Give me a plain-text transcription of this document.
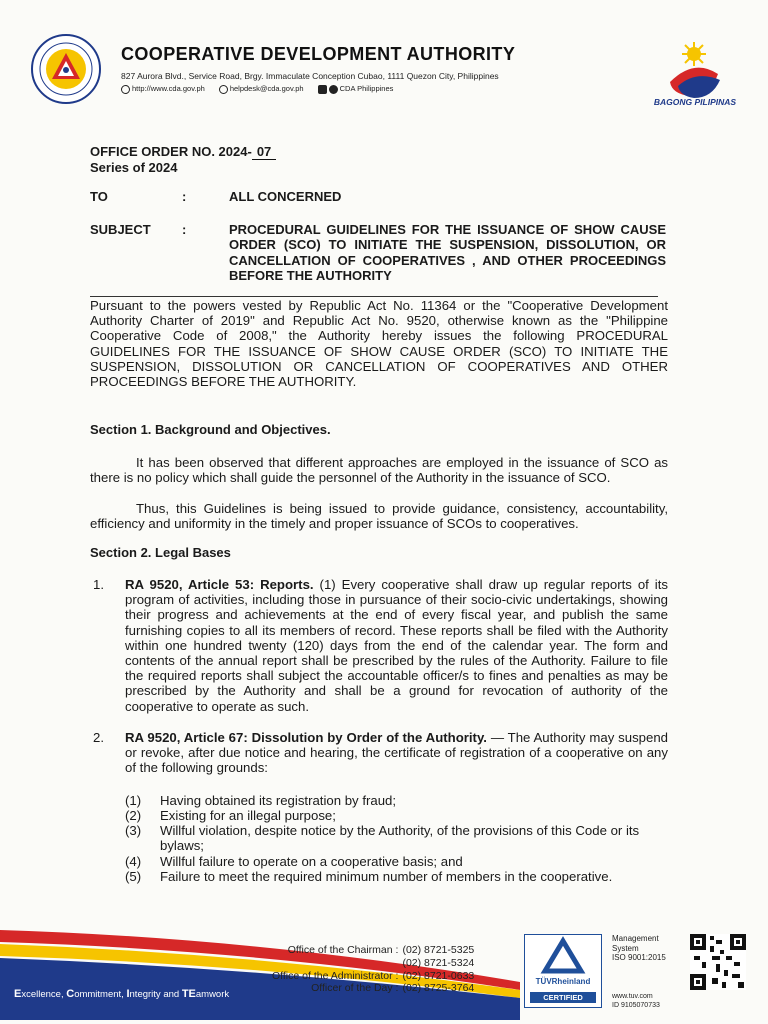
COOPERATIVE DEVELOPMENT AUTHORITY
827 Aurora Blvd., Service Road, Brgy. Immaculate Conception Cubao, 1111 Quezon City, Philippines
http://www.cda.gov.ph	helpdesk@cda.gov.ph	CDA Philippines
BAGONG PILIPINAS
OFFICE ORDER NO. 2024- 07
Series of 2024
TO	:	ALL CONCERNED
SUBJECT :	PROCEDURAL GUIDELINES FOR THE ISSUANCE OF SHOW CAUSE ORDER (SCO) TO INITIATE THE SUSPENSION, DISSOLUTION, OR CANCELLATION OF COOPERATIVES , AND OTHER PROCEEDINGS BEFORE THE AUTHORITY
Pursuant to the powers vested by Republic Act No. 11364 or the "Cooperative Development Authority Charter of 2019" and Republic Act No. 9520, otherwise known as the "Philippine Cooperative Code of 2008," the Authority hereby issues the following PROCEDURAL GUIDELINES FOR THE ISSUANCE OF SHOW CAUSE ORDER (SCO) TO INITIATE THE SUSPENSION, DISSOLUTION OR CANCELLATION OF COOPERATIVES AND OTHER PROCEEDINGS BEFORE THE AUTHORITY.
Section 1. Background and Objectives.
It has been observed that different approaches are employed in the issuance of SCO as there is no policy which shall guide the personnel of the Authority in the issuance of SCO.
Thus, this Guidelines is being issued to provide guidance, consistency, accountability, efficiency and uniformity in the timely and proper issuance of SCOs to cooperatives.
Section 2. Legal Bases
1. RA 9520, Article 53: Reports. (1) Every cooperative shall draw up regular reports of its program of activities, including those in pursuance of their socio-civic undertakings, showing their progress and achievements at the end of every fiscal year, and publish the same furnishing copies to all its members of record. These reports shall be filed with the Authority within one hundred twenty (120) days from the end of the calendar year. The form and contents of the annual report shall be prescribed by the rules of the Authority. Failure to file the required reports shall subject the accountable officer/s to fines and penalties as may be prescribed by the Authority and shall be a ground for revocation of authority of the cooperative to operate as such.
2. RA 9520, Article 67: Dissolution by Order of the Authority. — The Authority may suspend or revoke, after due notice and hearing, the certificate of registration of a cooperative on any of the following grounds:
(1)	Having obtained its registration by fraud;
(2)	Existing for an illegal purpose;
(3)	Willful violation, despite notice by the Authority, of the provisions of this Code or its bylaws;
(4)	Willful failure to operate on a cooperative basis; and
(5)	Failure to meet the required minimum number of members in the cooperative.
Excellence, Commitment, Integrity and TEamwork
Office of the Chairman :	(02) 8721-5325
	(02) 8721-5324
Office of the Administrator :	(02) 8721-0633
Officer of the Day :	(02) 8725-3764
TÜVRheinland
CERTIFIED
Management
System
ISO 9001:2015
www.tuv.com
ID 9105070733
